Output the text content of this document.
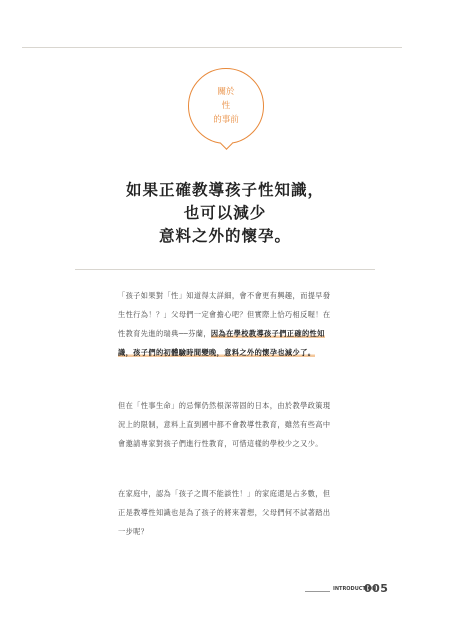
關於
性
的事前
如果正確教導孩子性知識，
也可以減少
意料之外的懷孕。

「孩子如果對「性」知道得太詳細，會不會更有興趣，而提早發生性行為！？」父母們一定會擔心吧？但實際上恰巧相反喔！在性教育先進的瑞典──芬蘭，因為在學校教導孩子們正確的性知識，孩子們的初體驗時間變晚，意料之外的懷孕也減少了。

但在「性事生命」的忌憚仍然根深蒂固的日本，由於教學政策現況上的限制，意料上直到國中都不會教導性教育，雖然有些高中會邀請專家對孩子們進行性教育，可惜這樣的學校少之又少。

在家庭中，認為「孩子之間不能談性！」的家庭還是占多數，但正是教導性知識也是為了孩子的將來著想，父母們何不試著踏出一步呢？

INTRODUCTION
005
